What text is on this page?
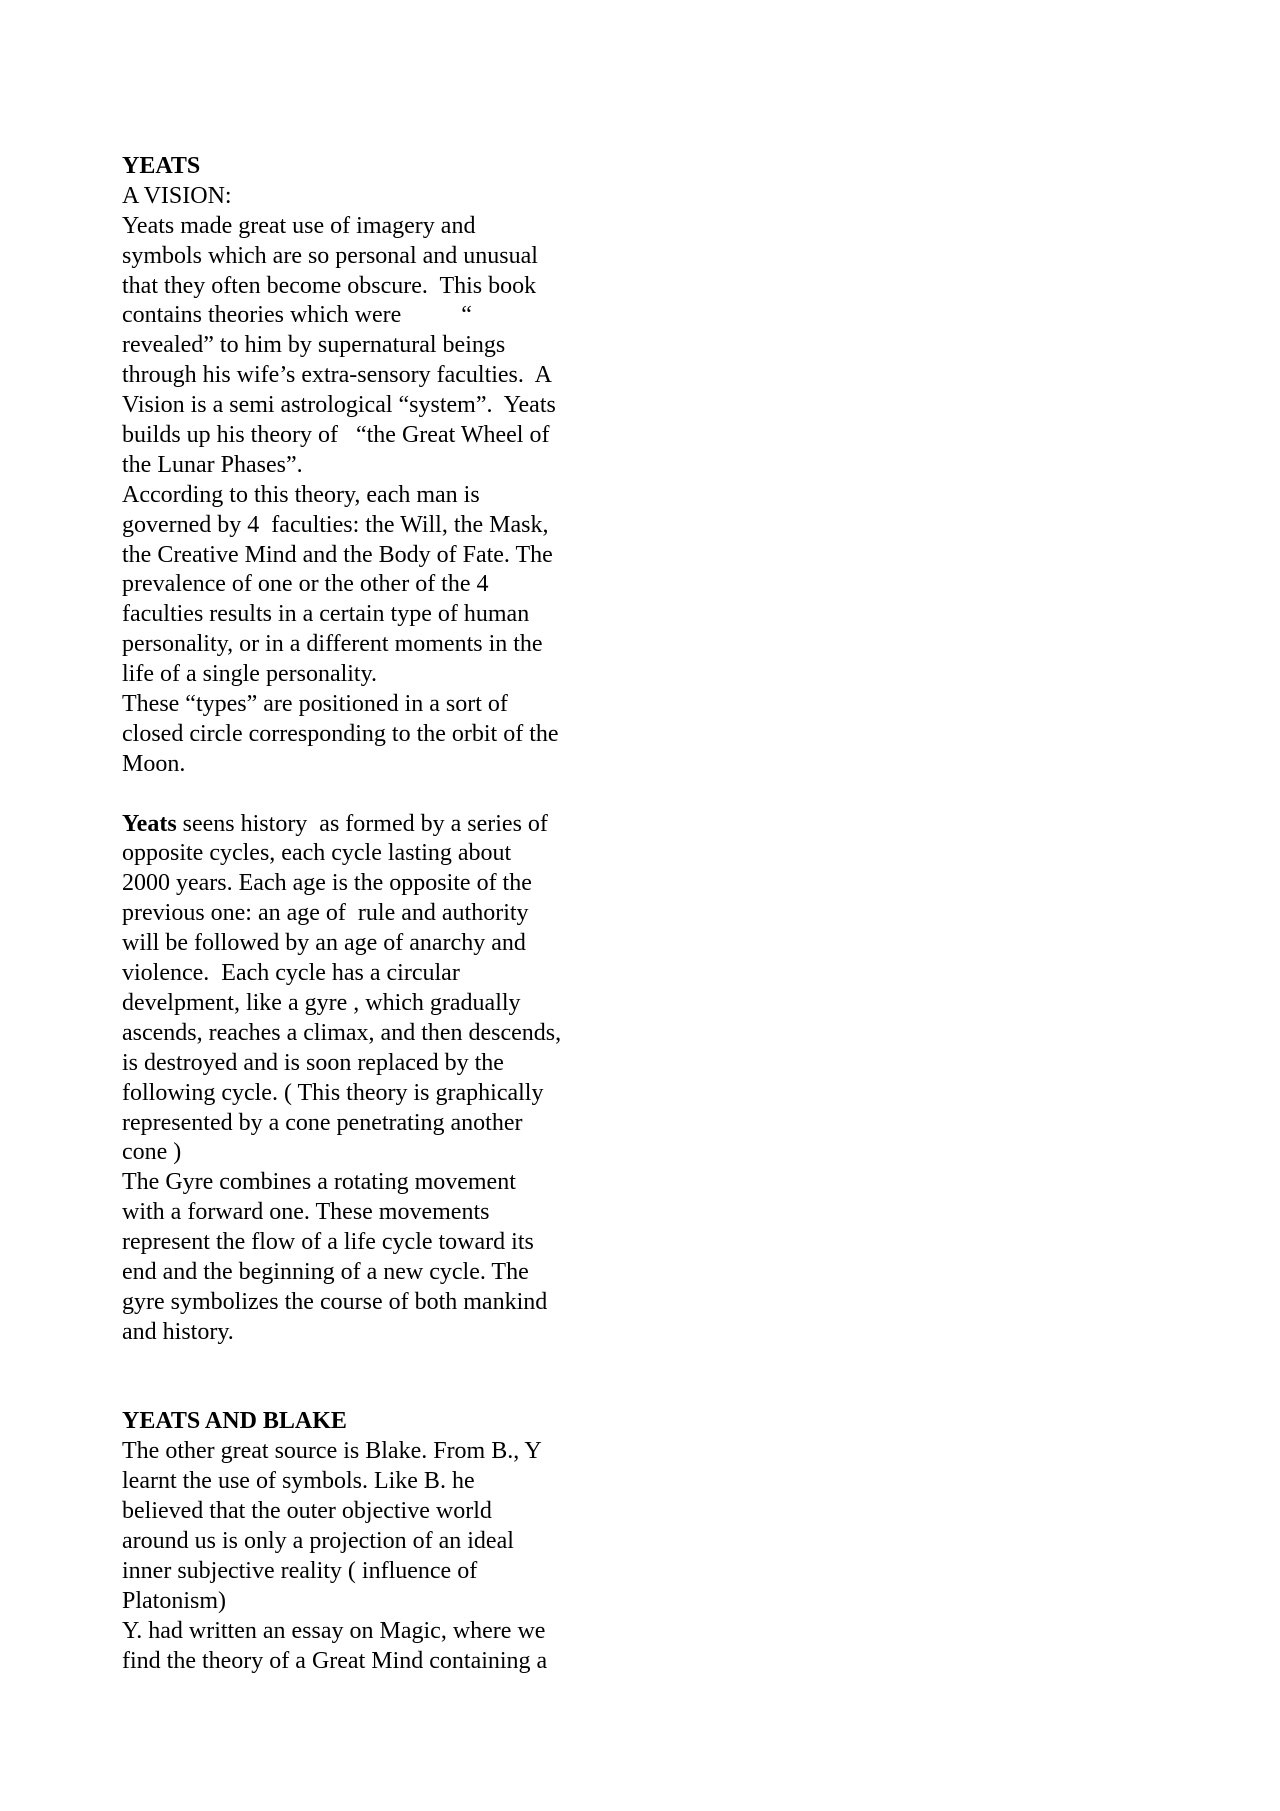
YEATS
A VISION:
Yeats made great use of imagery and
symbols which are so personal and unusual
that they often become obscure.  This book
contains theories which were          “
revealed” to him by supernatural beings
through his wife’s extra-sensory faculties.  A
Vision is a semi astrological “system”.  Yeats
builds up his theory of   “the Great Wheel of
the Lunar Phases”.
According to this theory, each man is
governed by 4  faculties: the Will, the Mask,
the Creative Mind and the Body of Fate. The
prevalence of one or the other of the 4
faculties results in a certain type of human
personality, or in a different moments in the
life of a single personality.
These “types” are positioned in a sort of
closed circle corresponding to the orbit of the
Moon.
Yeats seens history  as formed by a series of
opposite cycles, each cycle lasting about
2000 years. Each age is the opposite of the
previous one: an age of  rule and authority
will be followed by an age of anarchy and
violence.  Each cycle has a circular
develpment, like a gyre , which gradually
ascends, reaches a climax, and then descends,
is destroyed and is soon replaced by the
following cycle. ( This theory is graphically
represented by a cone penetrating another
cone )
The Gyre combines a rotating movement
with a forward one. These movements
represent the flow of a life cycle toward its
end and the beginning of a new cycle. The
gyre symbolizes the course of both mankind
and history.
YEATS AND BLAKE
The other great source is Blake. From B., Y
learnt the use of symbols. Like B. he
believed that the outer objective world
around us is only a projection of an ideal
inner subjective reality ( influence of
Platonism)
Y. had written an essay on Magic, where we
find the theory of a Great Mind containing a
